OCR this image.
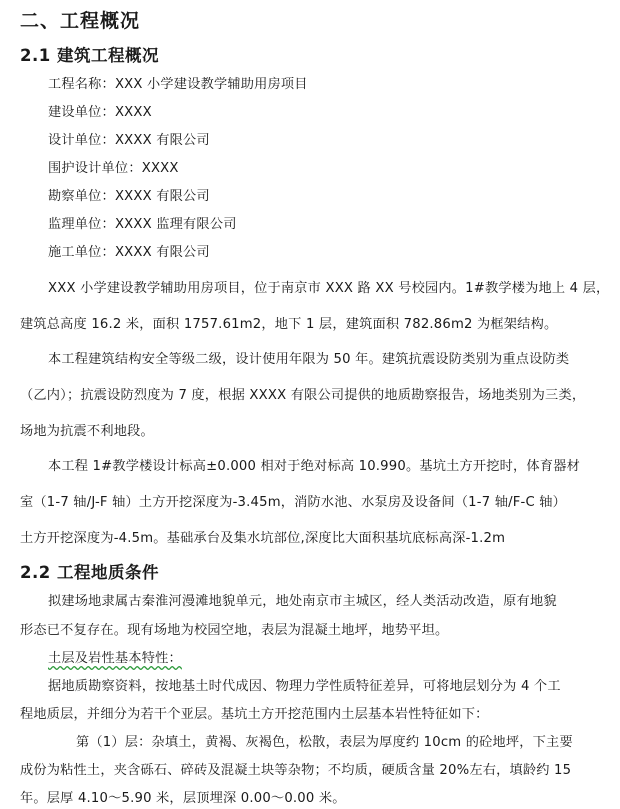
二、工程概况
2.1 建筑工程概况
工程名称：XXX 小学建设教学辅助用房项目
建设单位：XXXX
设计单位：XXXX 有限公司
围护设计单位：XXXX
勘察单位：XXXX 有限公司
监理单位：XXXX 监理有限公司
施工单位：XXXX 有限公司
XXX 小学建设教学辅助用房项目，位于南京市 XXX 路 XX 号校园内。1#教学楼为地上 4 层，
建筑总高度 16.2 米，面积 1757.61m2，地下 1 层，建筑面积 782.86m2 为框架结构。
本工程建筑结构安全等级二级，设计使用年限为 50 年。建筑抗震设防类别为重点设防类
（乙内）；抗震设防烈度为 7 度，根据 XXXX 有限公司提供的地质勘察报告，场地类别为三类，
场地为抗震不利地段。
本工程 1#教学楼设计标高±0.000 相对于绝对标高 10.990。基坑土方开挖时，体育器材
室（1-7 轴/J-F 轴）土方开挖深度为-3.45m，消防水池、水泵房及设备间（1-7 轴/F-C 轴）
土方开挖深度为-4.5m。基础承台及集水坑部位,深度比大面积基坑底标高深-1.2m
2.2 工程地质条件
拟建场地隶属古秦淮河漫滩地貌单元，地处南京市主城区，经人类活动改造，原有地貌
形态已不复存在。现有场地为校园空地，表层为混凝土地坪，地势平坦。
土层及岩性基本特性：
据地质勘察资料，按地基土时代成因、物理力学性质特征差异，可将地层划分为 4 个工
程地质层，并细分为若干个亚层。基坑土方开挖范围内土层基本岩性特征如下：
第（1）层：杂填土，黄褐、灰褐色，松散，表层为厚度约 10cm 的砼地坪，下主要
成份为粘性土，夹含砾石、碎砖及混凝土块等杂物；不均质，硬质含量 20%左右，填龄约 15
年。层厚 4.10～5.90 米，层顶埋深 0.00～0.00 米。
